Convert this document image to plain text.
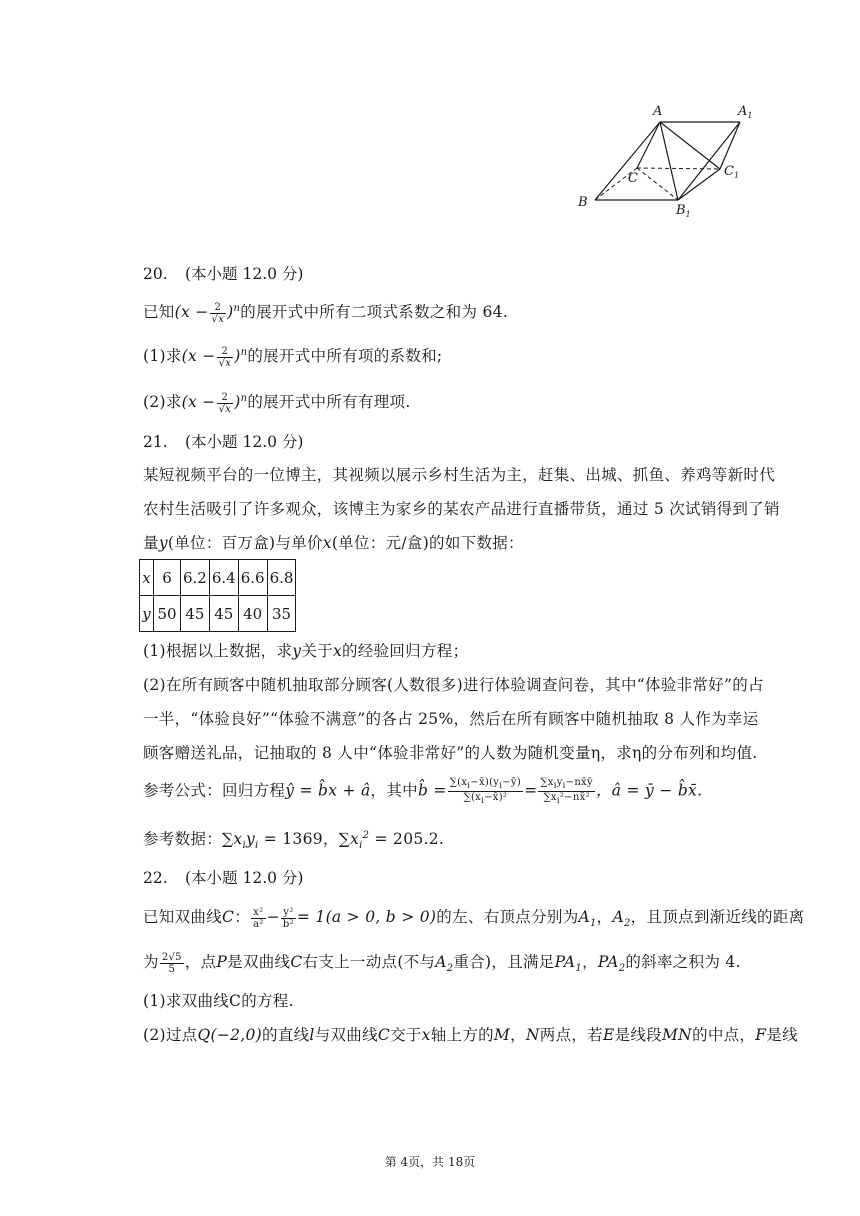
A	$A_1$
B
$B_1$
C	$C_1$
20. (本小题 12.0 分)
已知$(x - \frac{2}{√x} )^n$的展开式中所有二项式系数之和为 64.
(1)求$(x - \frac{2}{√x} )^n$的展开式中所有项的系数和;
(2)求$(x - \frac{2}{√x} )^n$的展开式中所有有理项.
21. (本小题 12.0 分)
某短视频平台的一位博主，其视频以展示乡村生活为主，赶集、出城、抓鱼、养鸡等新时代
农村生活吸引了许多观众，该博主为家乡的某农产品进行直播带货，通过 5 次试销得到了销
量y(单位：百万盒)与单价x(单位：元/盒)的如下数据：
x	6	6.2	6.4	6.6	6.8
y	50	45	45	40	35
(1)根据以上数据，求y关于x的经验回归方程；
(2)在所有顾客中随机抽取部分顾客(人数很多)进行体验调查问卷，其中“体验非常好”的占
一半，“体验良好”“体验不满意”的各占 25%，然后在所有顾客中随机抽取 8 人作为幸运
顾客赠送礼品，记抽取的 8 人中“体验非常好”的人数为随机变量η，求η的分布列和均值.
参考公式：回归方程ŷ = b̂x + â，其中b̂ = $\frac{\sum(x_i-x̄)(y_i-ȳ)}{\sum(x_i-x̄)^2} = \frac{\sum x_iy_i-nx̄ȳ}{\sum x_i^2-nx̄^2}$ ，â = ȳ − b̂x̄.
参考数据：$\sum x_iy_i = 1369$，$\sum x_i^2 = 205.2$.
22. (本小题 12.0 分)
已知双曲线C： $\frac{\text{x²}}{\text{a²}} - \frac{\text{y²}}{\text{b²}} = 1(a > 0$, b > 0)的左、右顶点分别为$A_1$，$A_2$，且顶点到渐近线的距离
为 $\frac{2√5}{5}$ ，点P是双曲线C右支上一动点(不与$A_2$重合)，且满足$PA_1$，$PA_2$的斜率之积为 4.
(1)求双曲线C的方程.
(2)过点Q(−2,0)的直线l与双曲线C交于x轴上方的M，N两点，若E是线段MN的中点，F是线
第 4页，共 18页
